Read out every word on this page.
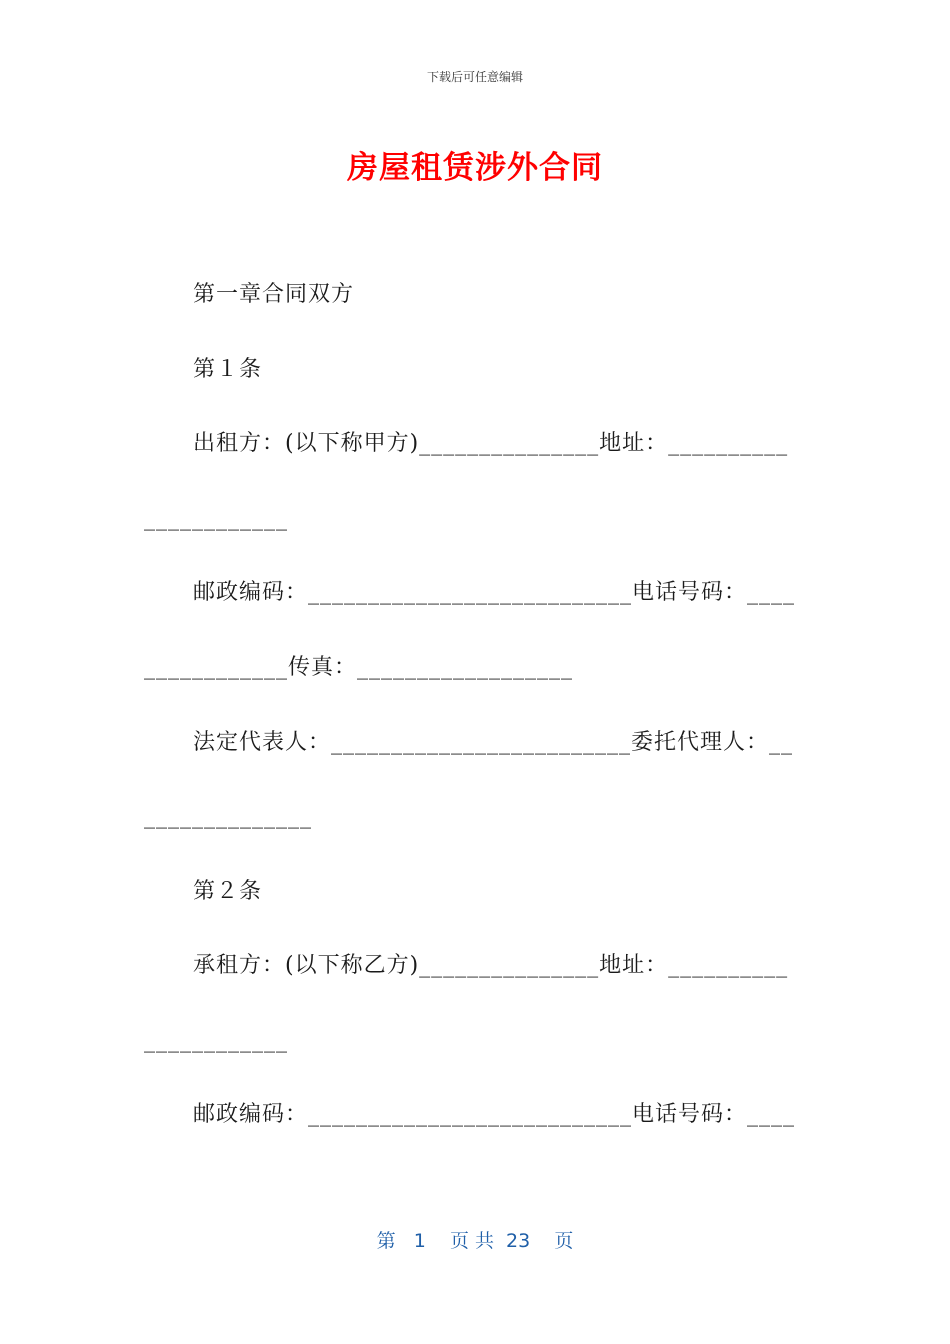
下载后可任意编辑
房屋租赁涉外合同
第一章合同双方
第１条
出租方：(以下称甲方)_______________地址：__________
____________
邮政编码：___________________________电话号码：____
____________传真：__________________
法定代表人：_________________________委托代理人：__
______________
第２条
承租方：(以下称乙方)_______________地址：__________
____________
邮政编码：___________________________电话号码：____
第   1    页 共  23    页
